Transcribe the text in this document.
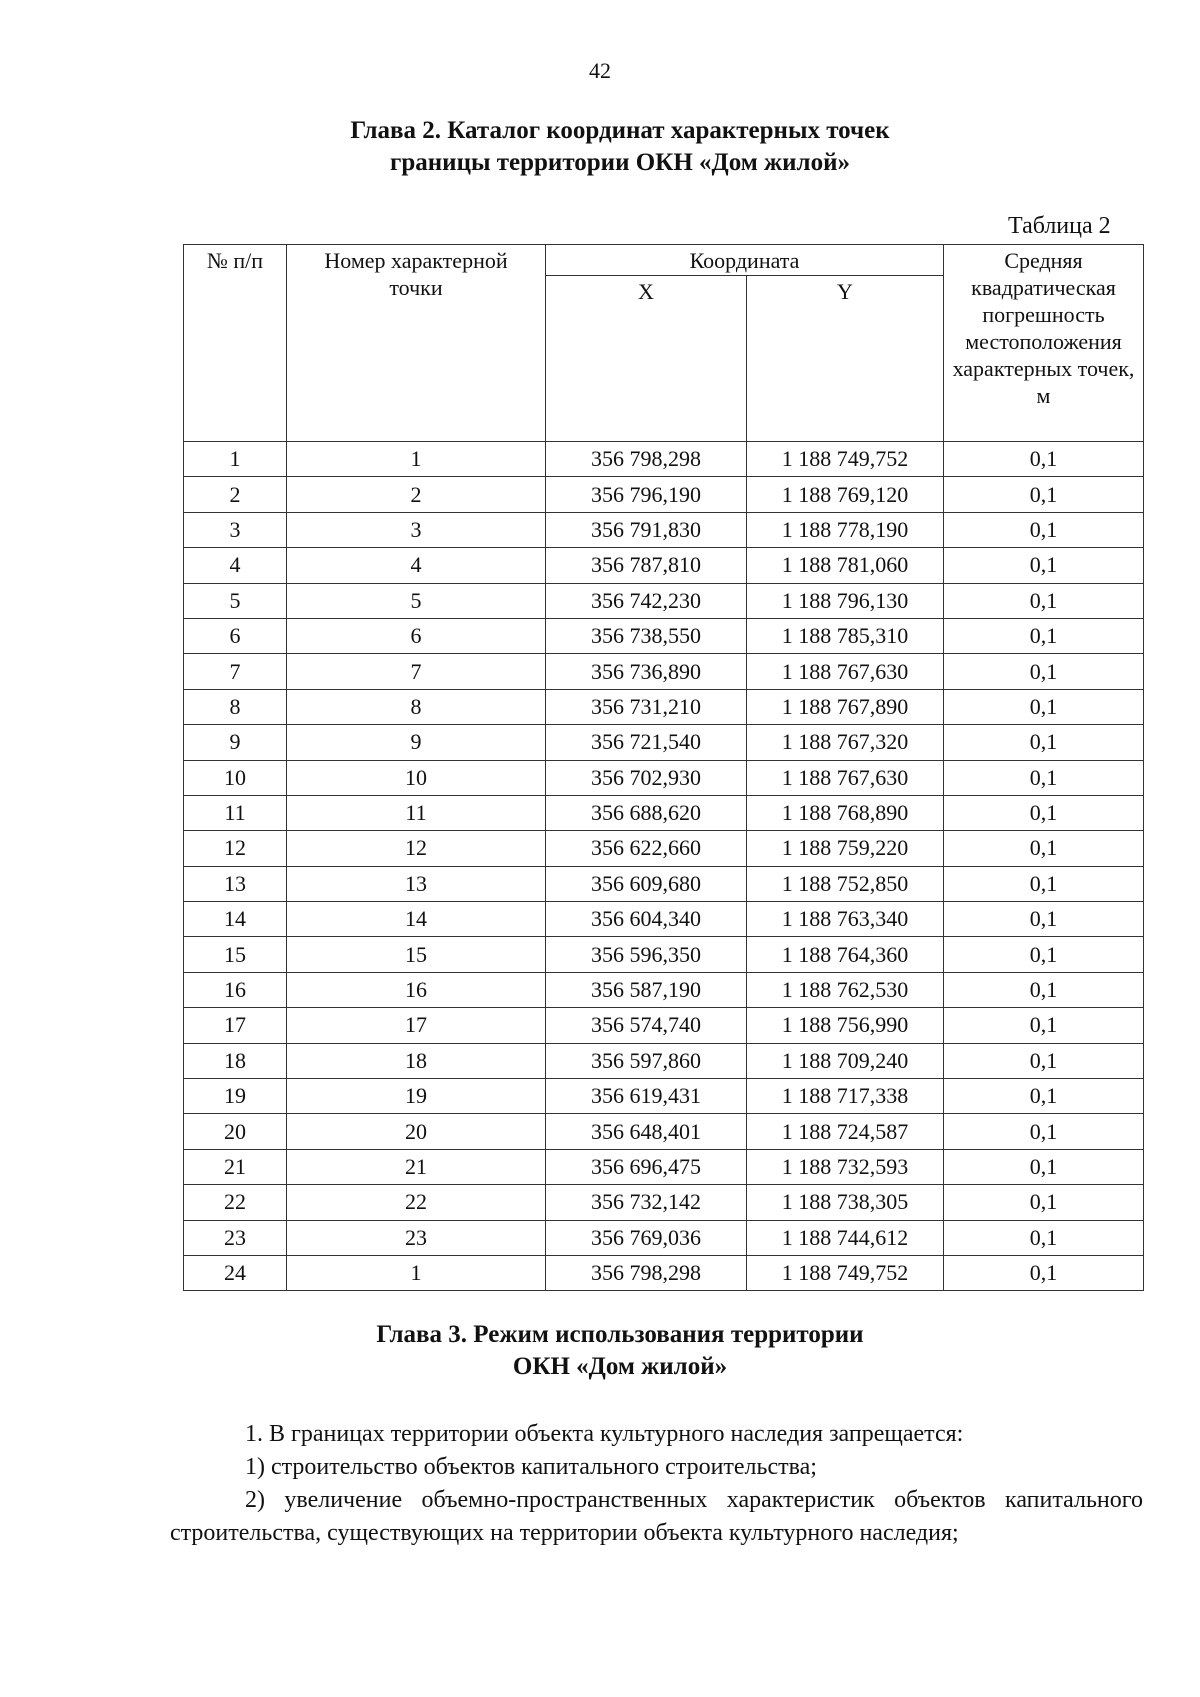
42
Глава 2. Каталог координат характерных точек
границы территории ОКН «Дом жилой»
Таблица 2
№ п/п	Номер характерной точки	Координата		Средняя квадратическая погрешность местоположения характерных точек, м
		X	Y	
1	1	356 798,298	1 188 749,752	0,1
2	2	356 796,190	1 188 769,120	0,1
3	3	356 791,830	1 188 778,190	0,1
4	4	356 787,810	1 188 781,060	0,1
5	5	356 742,230	1 188 796,130	0,1
6	6	356 738,550	1 188 785,310	0,1
7	7	356 736,890	1 188 767,630	0,1
8	8	356 731,210	1 188 767,890	0,1
9	9	356 721,540	1 188 767,320	0,1
10	10	356 702,930	1 188 767,630	0,1
11	11	356 688,620	1 188 768,890	0,1
12	12	356 622,660	1 188 759,220	0,1
13	13	356 609,680	1 188 752,850	0,1
14	14	356 604,340	1 188 763,340	0,1
15	15	356 596,350	1 188 764,360	0,1
16	16	356 587,190	1 188 762,530	0,1
17	17	356 574,740	1 188 756,990	0,1
18	18	356 597,860	1 188 709,240	0,1
19	19	356 619,431	1 188 717,338	0,1
20	20	356 648,401	1 188 724,587	0,1
21	21	356 696,475	1 188 732,593	0,1
22	22	356 732,142	1 188 738,305	0,1
23	23	356 769,036	1 188 744,612	0,1
24	1	356 798,298	1 188 749,752	0,1
Глава 3. Режим использования территории
ОКН «Дом жилой»

1. В границах территории объекта культурного наследия запрещается:

1) строительство объектов капитального строительства;

2) увеличение объемно-пространственных характеристик объектов капитального строительства, существующих на территории объекта культурного наследия;
